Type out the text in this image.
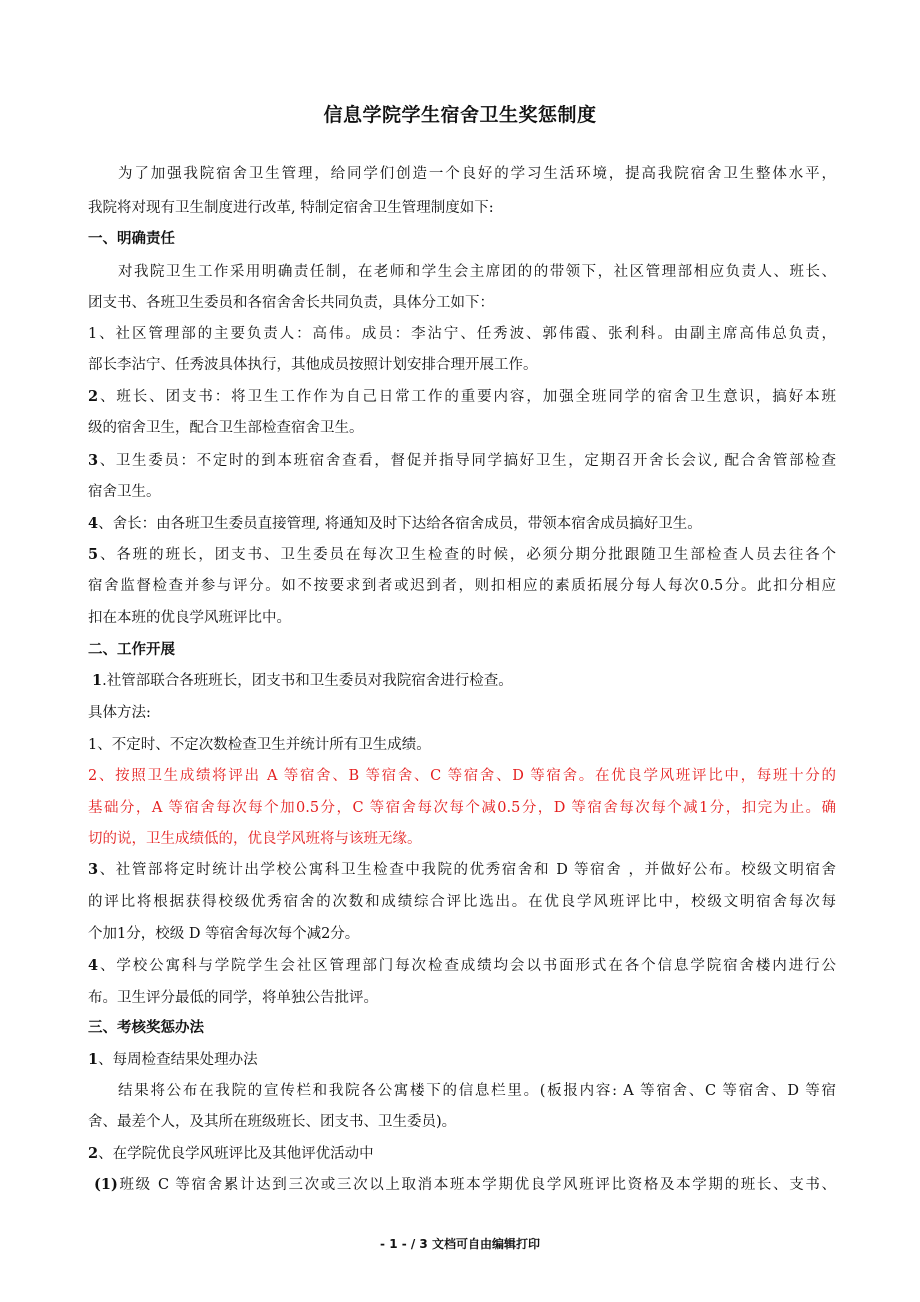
信息学院学生宿舍卫生奖惩制度
为了加强我院宿舍卫生管理，给同学们创造一个良好的学习生活环境，提高我院宿舍卫生整体水平，
我院将对现有卫生制度进行改革, 特制定宿舍卫生管理制度如下:
一、明确责任
对我院卫生工作采用明确责任制，在老师和学生会主席团的的带领下，社区管理部相应负责人、班长、
团支书、各班卫生委员和各宿舍舍长共同负责，具体分工如下：
1、社区管理部的主要负责人：高伟。成员：李沾宁、任秀波、郭伟霞、张利科。由副主席高伟总负责，
部长李沾宁、任秀波具体执行，其他成员按照计划安排合理开展工作。
2、班长、团支书：将卫生工作作为自己日常工作的重要内容，加强全班同学的宿舍卫生意识，搞好本班
级的宿舍卫生，配合卫生部检查宿舍卫生。
3、卫生委员：不定时的到本班宿舍查看，督促并指导同学搞好卫生，定期召开舍长会议, 配合舍管部检查
宿舍卫生。
4、舍长：由各班卫生委员直接管理, 将通知及时下达给各宿舍成员，带领本宿舍成员搞好卫生。
5、各班的班长，团支书、卫生委员在每次卫生检查的时候，必须分期分批跟随卫生部检查人员去往各个
宿舍监督检查并参与评分。如不按要求到者或迟到者，则扣相应的素质拓展分每人每次0.5分。此扣分相应
扣在本班的优良学风班评比中。
二、工作开展
1.社管部联合各班班长，团支书和卫生委员对我院宿舍进行检查。
具体方法:
1、不定时、不定次数检查卫生并统计所有卫生成绩。
2、按照卫生成绩将评出 A 等宿舍、B 等宿舍、C 等宿舍、D 等宿舍。在优良学风班评比中，每班十分的
基础分，A 等宿舍每次每个加0.5分，C 等宿舍每次每个减0.5分，D 等宿舍每次每个减1分，扣完为止。确
切的说，卫生成绩低的，优良学风班将与该班无缘。
3、社管部将定时统计出学校公寓科卫生检查中我院的优秀宿舍和 D 等宿舍 ，并做好公布。校级文明宿舍
的评比将根据获得校级优秀宿舍的次数和成绩综合评比选出。在优良学风班评比中，校级文明宿舍每次每
个加1分，校级 D 等宿舍每次每个减2分。
4、学校公寓科与学院学生会社区管理部门每次检查成绩均会以书面形式在各个信息学院宿舍楼内进行公
布。卫生评分最低的同学，将单独公告批评。
三、考核奖惩办法
1、每周检查结果处理办法
结果将公布在我院的宣传栏和我院各公寓楼下的信息栏里。(板报内容: A 等宿舍、C 等宿舍、D 等宿
舍、最差个人，及其所在班级班长、团支书、卫生委员)。
2、在学院优良学风班评比及其他评优活动中
(1)班级 C 等宿舍累计达到三次或三次以上取消本班本学期优良学风班评比资格及本学期的班长、支书、
- 1 - / 3 文档可自由编辑打印
